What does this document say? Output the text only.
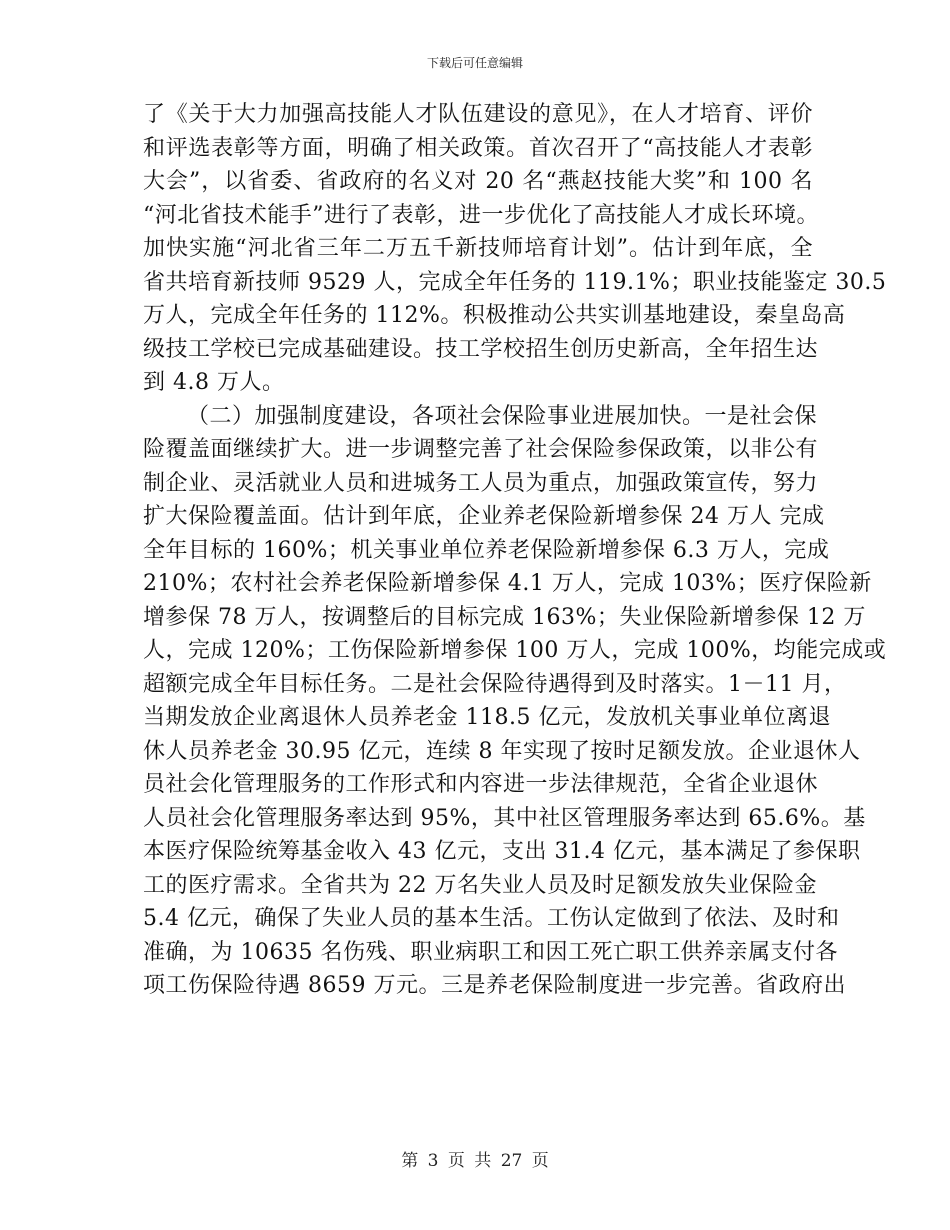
下载后可任意编辑
了《关于大力加强高技能人才队伍建设的意见》，在人才培育、评价
和评选表彰等方面，明确了相关政策。首次召开了“高技能人才表彰
大会”，以省委、省政府的名义对 20 名“燕赵技能大奖”和 100 名
“河北省技术能手”进行了表彰，进一步优化了高技能人才成长环境。
加快实施“河北省三年二万五千新技师培育计划”。估计到年底，全
省共培育新技师 9529 人，完成全年任务的 119.1%；职业技能鉴定 30.5
万人，完成全年任务的 112%。积极推动公共实训基地建设，秦皇岛高
级技工学校已完成基础建设。技工学校招生创历史新高，全年招生达
到 4.8 万人。
（二）加强制度建设，各项社会保险事业进展加快。一是社会保
险覆盖面继续扩大。进一步调整完善了社会保险参保政策，以非公有
制企业、灵活就业人员和进城务工人员为重点，加强政策宣传，努力
扩大保险覆盖面。估计到年底，企业养老保险新增参保 24 万人 完成
全年目标的 160%；机关事业单位养老保险新增参保 6.3 万人，完成
210%；农村社会养老保险新增参保 4.1 万人，完成 103%；医疗保险新
增参保 78 万人，按调整后的目标完成 163%；失业保险新增参保 12 万
人，完成 120%；工伤保险新增参保 100 万人，完成 100%，均能完成或
超额完成全年目标任务。二是社会保险待遇得到及时落实。1－11 月，
当期发放企业离退休人员养老金 118.5 亿元，发放机关事业单位离退
休人员养老金 30.95 亿元，连续 8 年实现了按时足额发放。企业退休人
员社会化管理服务的工作形式和内容进一步法律规范，全省企业退休
人员社会化管理服务率达到 95%，其中社区管理服务率达到 65.6%。基
本医疗保险统筹基金收入 43 亿元，支出 31.4 亿元，基本满足了参保职
工的医疗需求。全省共为 22 万名失业人员及时足额发放失业保险金
5.4 亿元，确保了失业人员的基本生活。工伤认定做到了依法、及时和
准确，为 10635 名伤残、职业病职工和因工死亡职工供养亲属支付各
项工伤保险待遇 8659 万元。三是养老保险制度进一步完善。省政府出
第 3 页 共 27 页
